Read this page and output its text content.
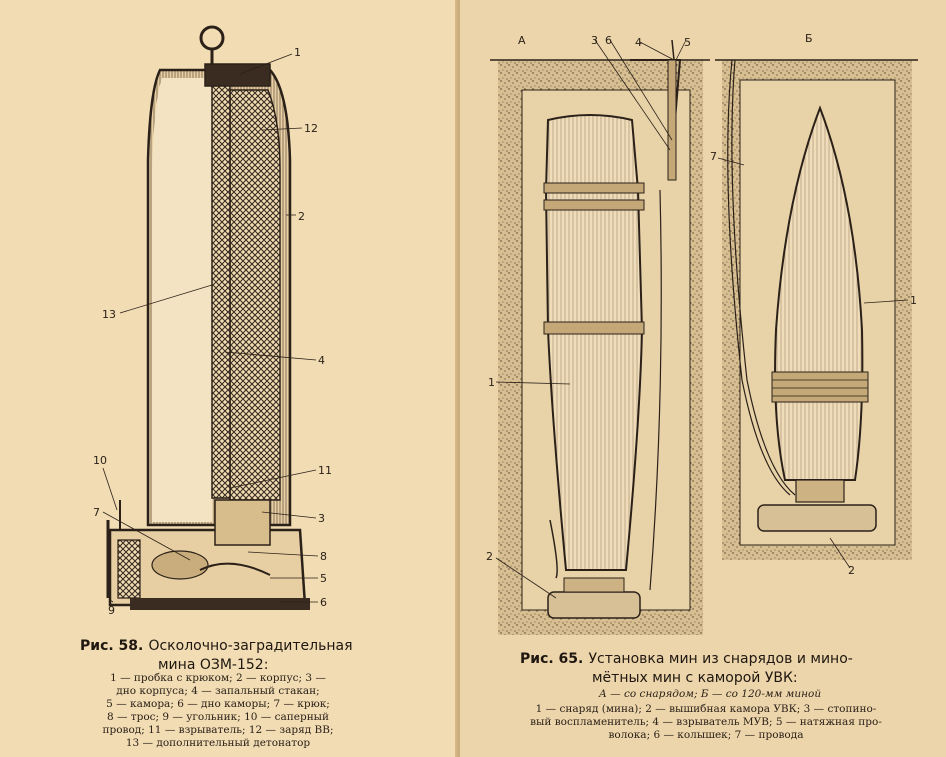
1
12
2
13
4
11
3
10
7
8
5
6
9
Рис. 58. Осколочно-заградительная
мина ОЗМ-152:
1 — пробка с крюком; 2 — корпус; 3 —
дно корпуса; 4 — запальный стакан;
5 — камора; 6 — дно каморы; 7 — крюк;
8 — трос; 9 — угольник; 10 — саперный
провод; 11 — взрыватель; 12 — заряд ВВ;
13 — дополнительный детонатор
А	Б
3 6 4	5
1
2
7
1
2
Рис. 65. Установка мин из снарядов и мино-
мётных мин с каморой УВК:
А — со снарядом; Б — со 120-мм миной
1 — снаряд (мина); 2 — вышибная камора УВК; 3 — стопино-
вый воспламенитель; 4 — взрыватель МУВ; 5 — натяжная про-
волока; 6 — колышек; 7 — провода
